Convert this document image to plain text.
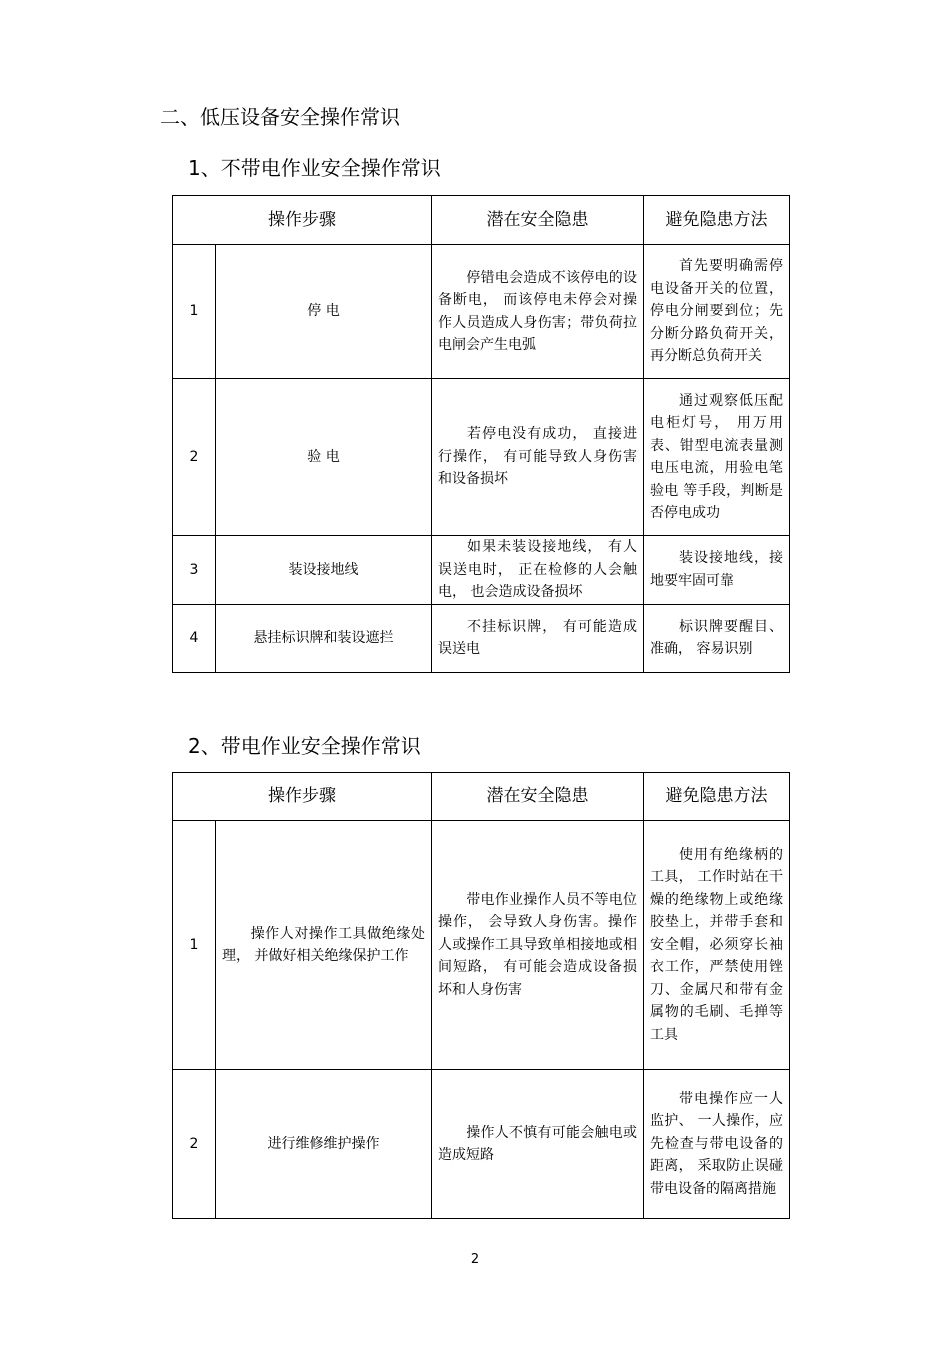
二、低压设备安全操作常识
1、不带电作业安全操作常识
操作步骤		潜在安全隐患	避免隐患方法
1	停 电	停错电会造成不该停电的设备断电， 而该停电未停会对操作人员造成人身伤害；带负荷拉电闸会产生电弧	首先要明确需停电设备开关的位置，停电分闸要到位；先分断分路负荷开关， 再分断总负荷开关
2	验 电	若停电没有成功， 直接进行操作， 有可能导致人身伤害和设备损坏	通过观察低压配电柜灯号， 用万用表、钳型电流表量测电压电流，用验电笔验电 等手段，判断是否停电成功
3	装设接地线	如果未装设接地线， 有人误送电时， 正在检修的人会触电， 也会造成设备损坏	装设接地线，接地要牢固可靠
4	悬挂标识牌和装设遮拦	不挂标识牌， 有可能造成误送电	标识牌要醒目、准确， 容易识别
2、带电作业安全操作常识
操作步骤		潜在安全隐患	避免隐患方法
1	操作人对操作工具做绝缘处理， 并做好相关绝缘保护工作	带电作业操作人员不等电位操作， 会导致人身伤害。操作人或操作工具导致单相接地或相间短路， 有可能会造成设备损坏和人身伤害	使用有绝缘柄的工具， 工作时站在干燥的绝缘物上或绝缘胶垫上，并带手套和安全帽，必须穿长袖衣工作，严禁使用锉刀、金属尺和带有金属物的毛刷、毛掸等工具
2	进行维修维护操作	操作人不慎有可能会触电或造成短路	带电操作应一人监护、 一人操作，应先检查与带电设备的距离， 采取防止误碰带电设备的隔离措施
2
